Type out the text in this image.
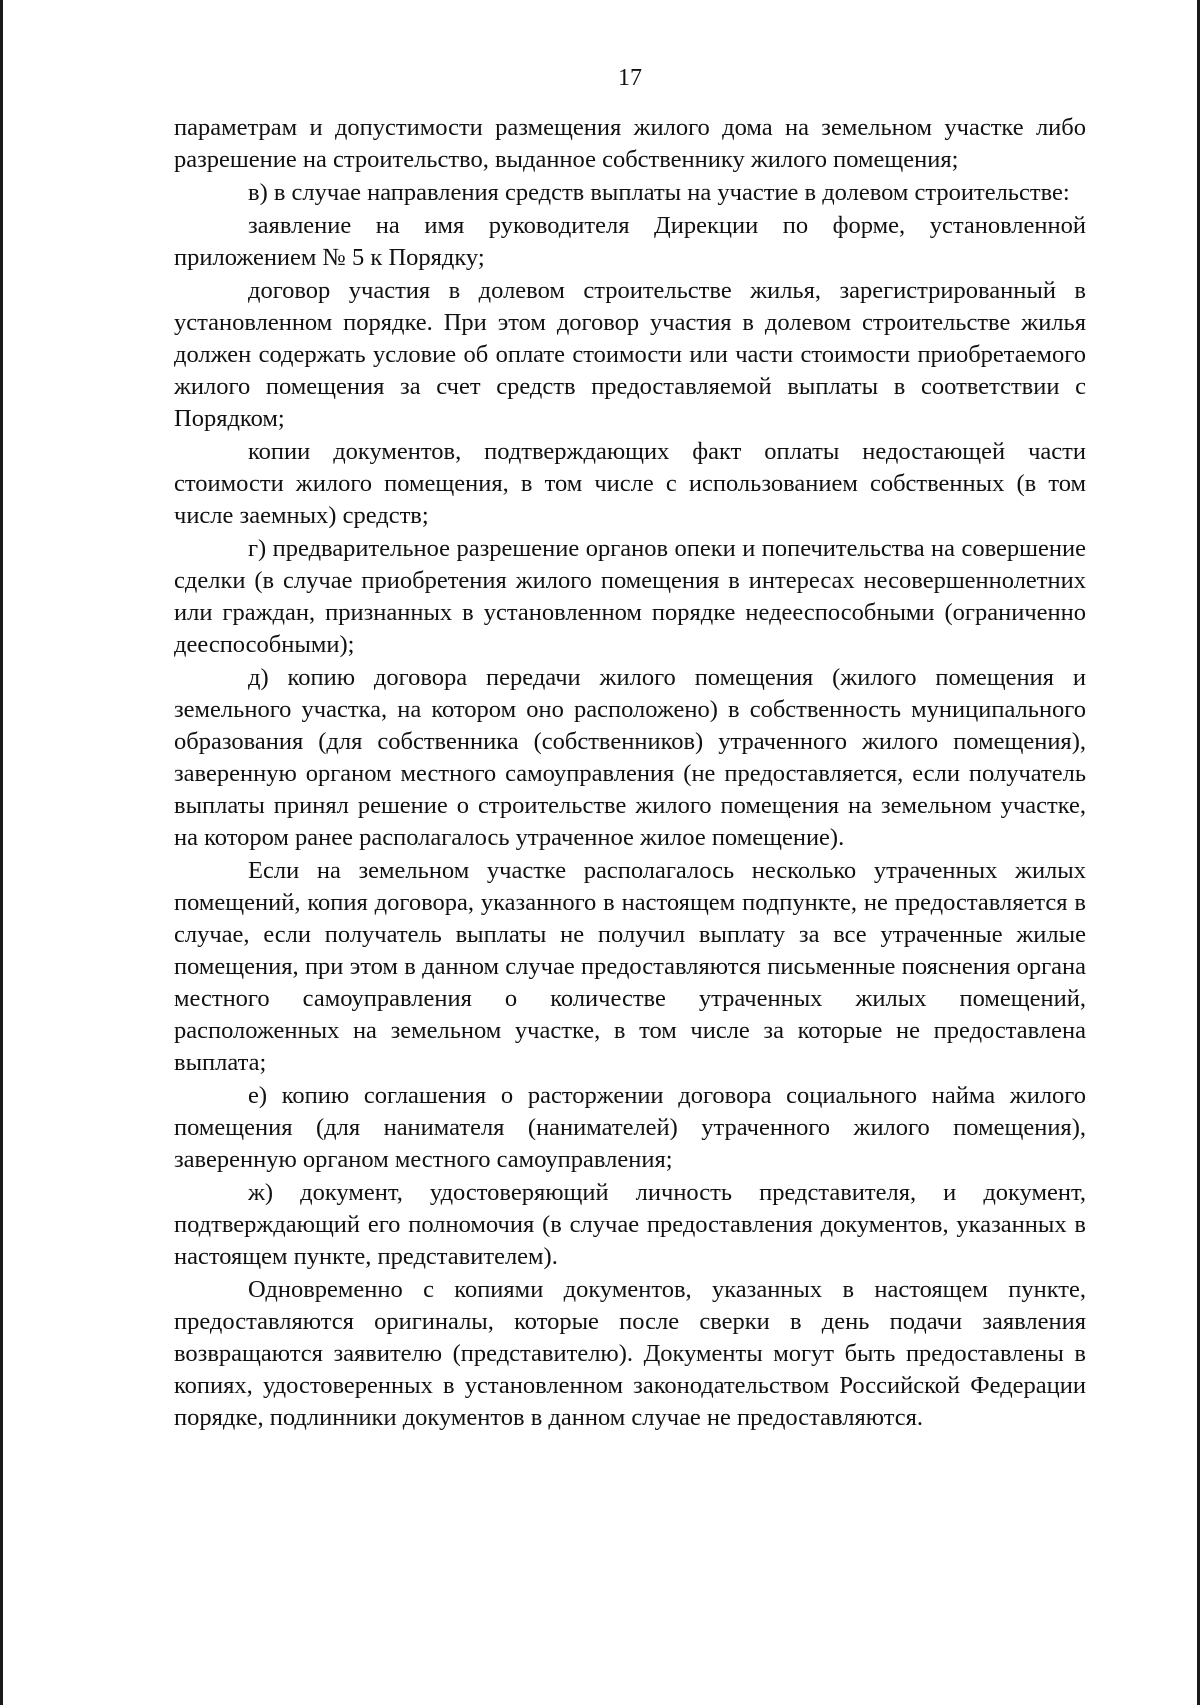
17

параметрам и допустимости размещения жилого дома на земельном участке либо разрешение на строительство, выданное собственнику жилого помещения;

в) в случае направления средств выплаты на участие в долевом строительстве:

заявление на имя руководителя Дирекции по форме, установленной приложением № 5 к Порядку;

договор участия в долевом строительстве жилья, зарегистрированный в установленном порядке. При этом договор участия в долевом строительстве жилья должен содержать условие об оплате стоимости или части стоимости приобретаемого жилого помещения за счет средств предоставляемой выплаты в соответствии с Порядком;

копии документов, подтверждающих факт оплаты недостающей части стоимости жилого помещения, в том числе с использованием собственных (в том числе заемных) средств;

г) предварительное разрешение органов опеки и попечительства на совершение сделки (в случае приобретения жилого помещения в интересах несовершеннолетних или граждан, признанных в установленном порядке недееспособными (ограниченно дееспособными);

д) копию договора передачи жилого помещения (жилого помещения и земельного участка, на котором оно расположено) в собственность муниципального образования (для собственника (собственников) утраченного жилого помещения), заверенную органом местного самоуправления (не предоставляется, если получатель выплаты принял решение о строительстве жилого помещения на земельном участке, на котором ранее располагалось утраченное жилое помещение).

Если на земельном участке располагалось несколько утраченных жилых помещений, копия договора, указанного в настоящем подпункте, не предоставляется в случае, если получатель выплаты не получил выплату за все утраченные жилые помещения, при этом в данном случае предоставляются письменные пояснения органа местного самоуправления о количестве утраченных жилых помещений, расположенных на земельном участке, в том числе за которые не предоставлена выплата;

е) копию соглашения о расторжении договора социального найма жилого помещения (для нанимателя (нанимателей) утраченного жилого помещения), заверенную органом местного самоуправления;

ж) документ, удостоверяющий личность представителя, и документ, подтверждающий его полномочия (в случае предоставления документов, указанных в настоящем пункте, представителем).

Одновременно с копиями документов, указанных в настоящем пункте, предоставляются оригиналы, которые после сверки в день подачи заявления возвращаются заявителю (представителю). Документы могут быть предоставлены в копиях, удостоверенных в установленном законодательством Российской Федерации порядке, подлинники документов в данном случае не предоставляются.
